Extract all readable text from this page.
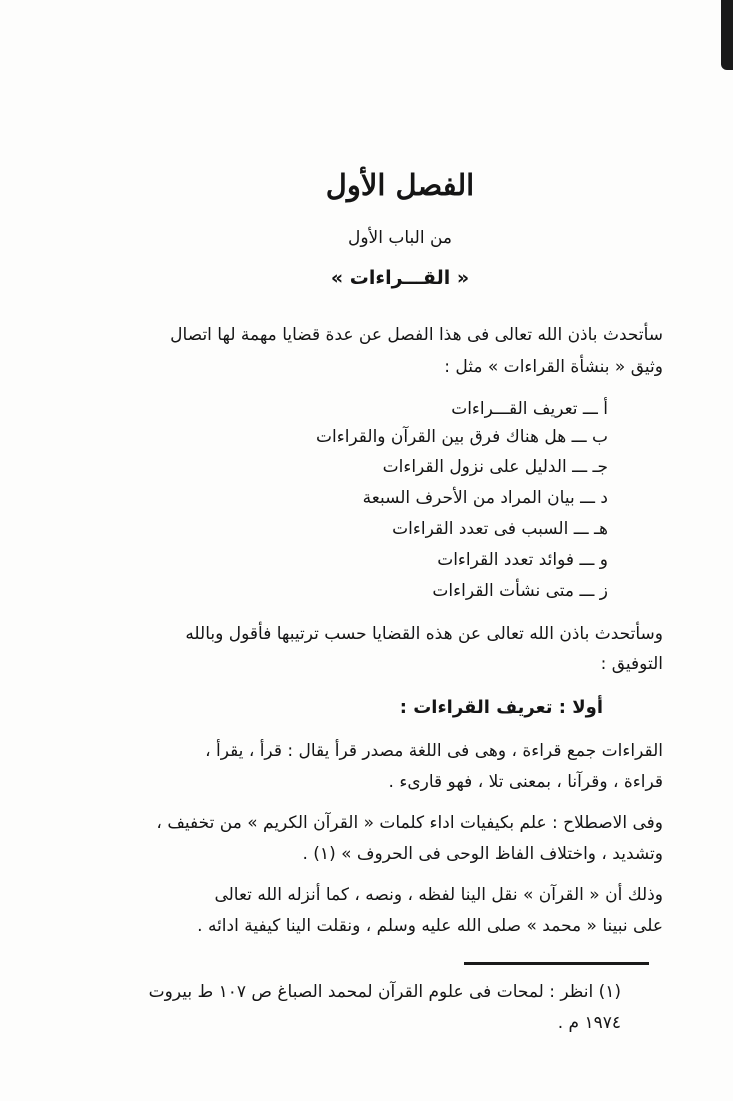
الفصل الأول
من الباب الأول
« القـــراءات »
سأتحدث باذن الله تعالى فى هذا الفصل عن عدة قضايا مهمة لها اتصال
وثيق « بنشأة القراءات » مثل :
أ ـــ تعريف القـــراءات
ب ـــ هل هناك فرق بين القرآن والقراءات
جـ ـــ الدليل على نزول القراءات
د ـــ بيان المراد من الأحرف السبعة
هـ ـــ السبب فى تعدد القراءات
و ـــ فوائد تعدد القراءات
ز ـــ متى نشأت القراءات
وسأتحدث باذن الله تعالى عن هذه القضايا حسب ترتيبها فأقول وبالله
التوفيق :
أولا : تعريف القراءات :
القراءات جمع قراءة ، وهى فى اللغة مصدر قرأ يقال : قرأ ، يقرأ ،
قراءة ، وقرآنا ، بمعنى تلا ، فهو قارىء .
وفى الاصطلاح : علم بكيفيات اداء كلمات « القرآن الكريم » من تخفيف ،
وتشديد ، واختلاف الفاظ الوحى فى الحروف » (١) .
وذلك أن « القرآن » نقل الينا لفظه ، ونصه ، كما أنزله الله تعالى
على نبينا « محمد » صلى الله عليه وسلم ، ونقلت الينا كيفية ادائه .
(١) انظر : لمحات فى علوم القرآن لمحمد الصباغ ص ١٠٧ ط بيروت
١٩٧٤ م .
